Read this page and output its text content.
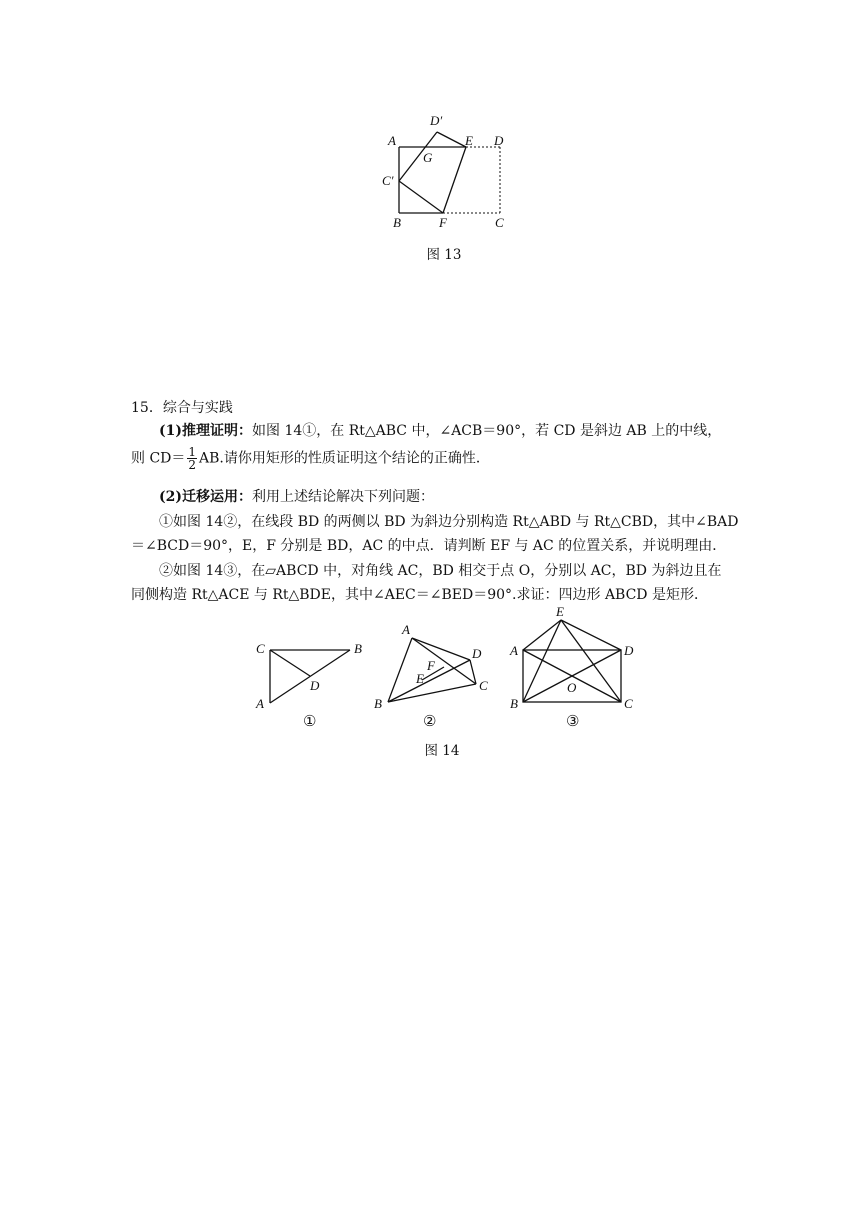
A
D′
E D
G
C′
B	F	C
图 13
15．综合与实践
(1)推理证明：如图 14①，在 Rt△ABC 中，∠ACB＝90°，若 CD 是斜边 AB 上的中线，
则 $CD= \frac{1}{2}$ AB.请你用矩形的性质证明这个结论的正确性．
(2)迁移运用：利用上述结论解决下列问题：
①如图 14②，在线段 BD 的两侧以 BD 为斜边分别构造 Rt△ABD 与 Rt△CBD，其中∠BAD
＝∠BCD＝90°，E，F 分别是 BD，AC 的中点．请判断 EF 与 AC 的位置关系，并说明理由．
②如图 14③，在▱ABCD 中，对角线 AC，BD 相交于点 O，分别以 AC，BD 为斜边且在
同侧构造 Rt△ACE 与 Rt△BDE，其中∠AEC＝∠BED＝90°.求证：四边形 ABCD 是矩形．
C	B
D
A
①
A
D
F
E	C
B
②
E
A	D
O
B	C
③
图 14
